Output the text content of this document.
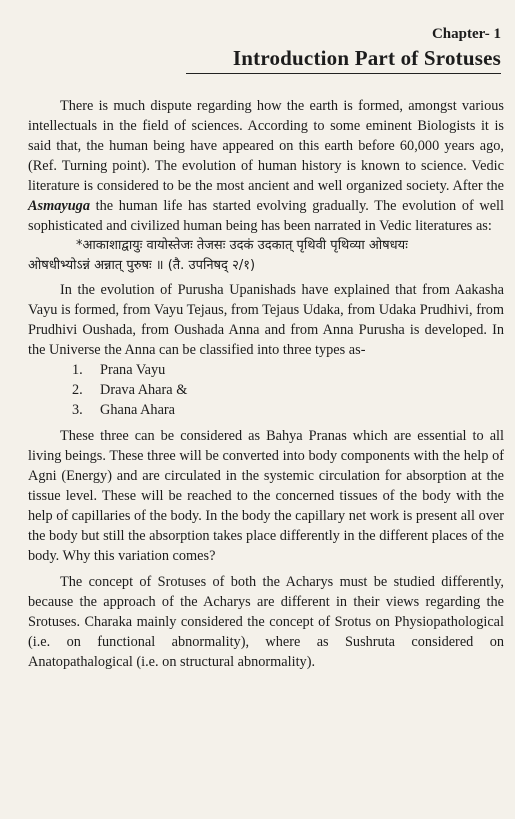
Chapter- 1
Introduction Part of Srotuses

There is much dispute regarding how the earth is formed, amongst various intellectuals in the field of sciences. According to some eminent Biologists it is said that, the human being have appeared on this earth before 60,000 years ago, (Ref. Turning point). The evolution of human history is known to science. Vedic literature is considered to be the most ancient and well organized society. After the Asmayuga the human life has started evolving gradually. The evolution of well sophisticated and civilized human being has been narrated in Vedic literatures as:

*आकाशाद्वायुः वायोस्तेजः तेजसः उदकं उदकात् पृथिवी पृथिव्या ओषधयः
ओषधीभ्योऽन्नं अन्नात् पुरुषः ॥ (तै. उपनिषद् २/१)

In the evolution of Purusha Upanishads have explained that from Aakasha Vayu is formed, from Vayu Tejaus, from Tejaus Udaka, from Udaka Prudhivi, from Prudhivi Oushada, from Oushada Anna and from Anna Purusha is developed. In the Universe the Anna can be classified into three types as-

1.	Prana Vayu
2.	Drava Ahara &
3.	Ghana Ahara

These three can be considered as Bahya Pranas which are essential to all living beings. These three will be converted into body components with the help of Agni (Energy) and are circulated in the systemic circulation for absorption at the tissue level. These will be reached to the concerned tissues of the body with the help of capillaries of the body. In the body the capillary net work is present all over the body but still the absorption takes place differently in the different places of the body. Why this variation comes?

The concept of Srotuses of both the Acharys must be studied differently, because the approach of the Acharys are different in their views regarding the Srotuses. Charaka mainly considered the concept of Srotus on Physiopathological (i.e. on functional abnormality), where as Sushruta considered on Anatopathalogical (i.e. on structural abnormality).
